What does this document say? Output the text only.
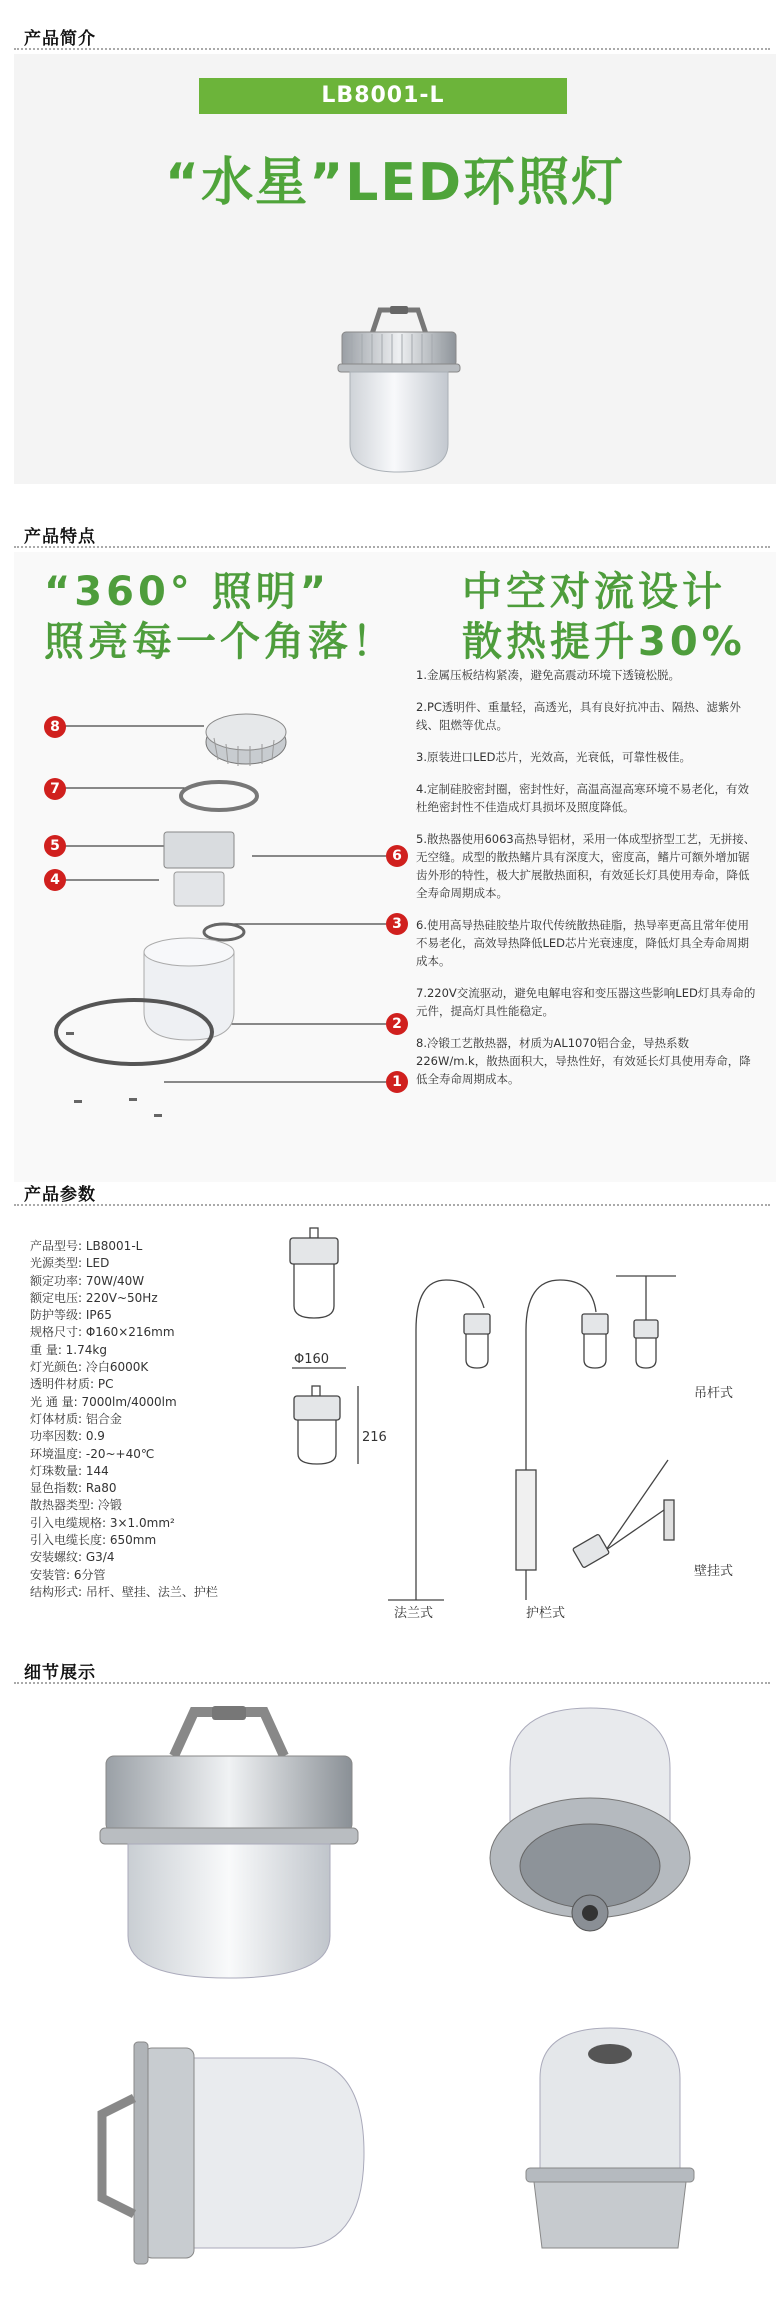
产品简介
LB8001-L
“水星”LED环照灯
产品特点
“360° 照明”
照亮每一个角落！
中空对流设计
散热提升30%
8
7
5
4
6
3
2
1

1.金属压板结构紧凑，避免高震动环境下透镜松脱。

2.PC透明件、重量轻，高透光，具有良好抗冲击、隔热、滤紫外线、阻燃等优点。

3.原装进口LED芯片，光效高，光衰低，可靠性极佳。

4.定制硅胶密封圈，密封性好，高温高湿高寒环境不易老化，有效杜绝密封性不佳造成灯具损坏及照度降低。

5.散热器使用6063高热导铝材，采用一体成型挤型工艺，无拼接、无空缝。成型的散热鳍片具有深度大，密度高，鳍片可额外增加锯齿外形的特性，极大扩展散热面积，有效延长灯具使用寿命，降低全寿命周期成本。

6.使用高导热硅胶垫片取代传统散热硅脂，热导率更高且常年使用不易老化，高效导热降低LED芯片光衰速度，降低灯具全寿命周期成本。

7.220V交流驱动，避免电解电容和变压器这些影响LED灯具寿命的元件，提高灯具性能稳定。

8.冷锻工艺散热器，材质为AL1070铝合金，导热系数226W/m.k，散热面积大，导热性好，有效延长灯具使用寿命，降低全寿命周期成本。

产品参数
产品型号: LB8001-L
光源类型: LED
额定功率: 70W/40W
额定电压: 220V~50Hz
防护等级: IP65
规格尺寸: Φ160×216mm
重 量: 1.74kg
灯光颜色: 冷白6000K
透明件材质: PC
光 通 量: 7000lm/4000lm
灯体材质: 铝合金
功率因数: 0.9
环境温度: -20~+40℃
灯珠数量: 144
显色指数: Ra80
散热器类型: 冷锻
引入电缆规格: 3×1.0mm²
引入电缆长度: 650mm
安装螺纹: G3/4
安装管: 6分管
结构形式: 吊杆、壁挂、法兰、护栏
Φ160
216
法兰式	护栏式
吊杆式
壁挂式
细节展示
